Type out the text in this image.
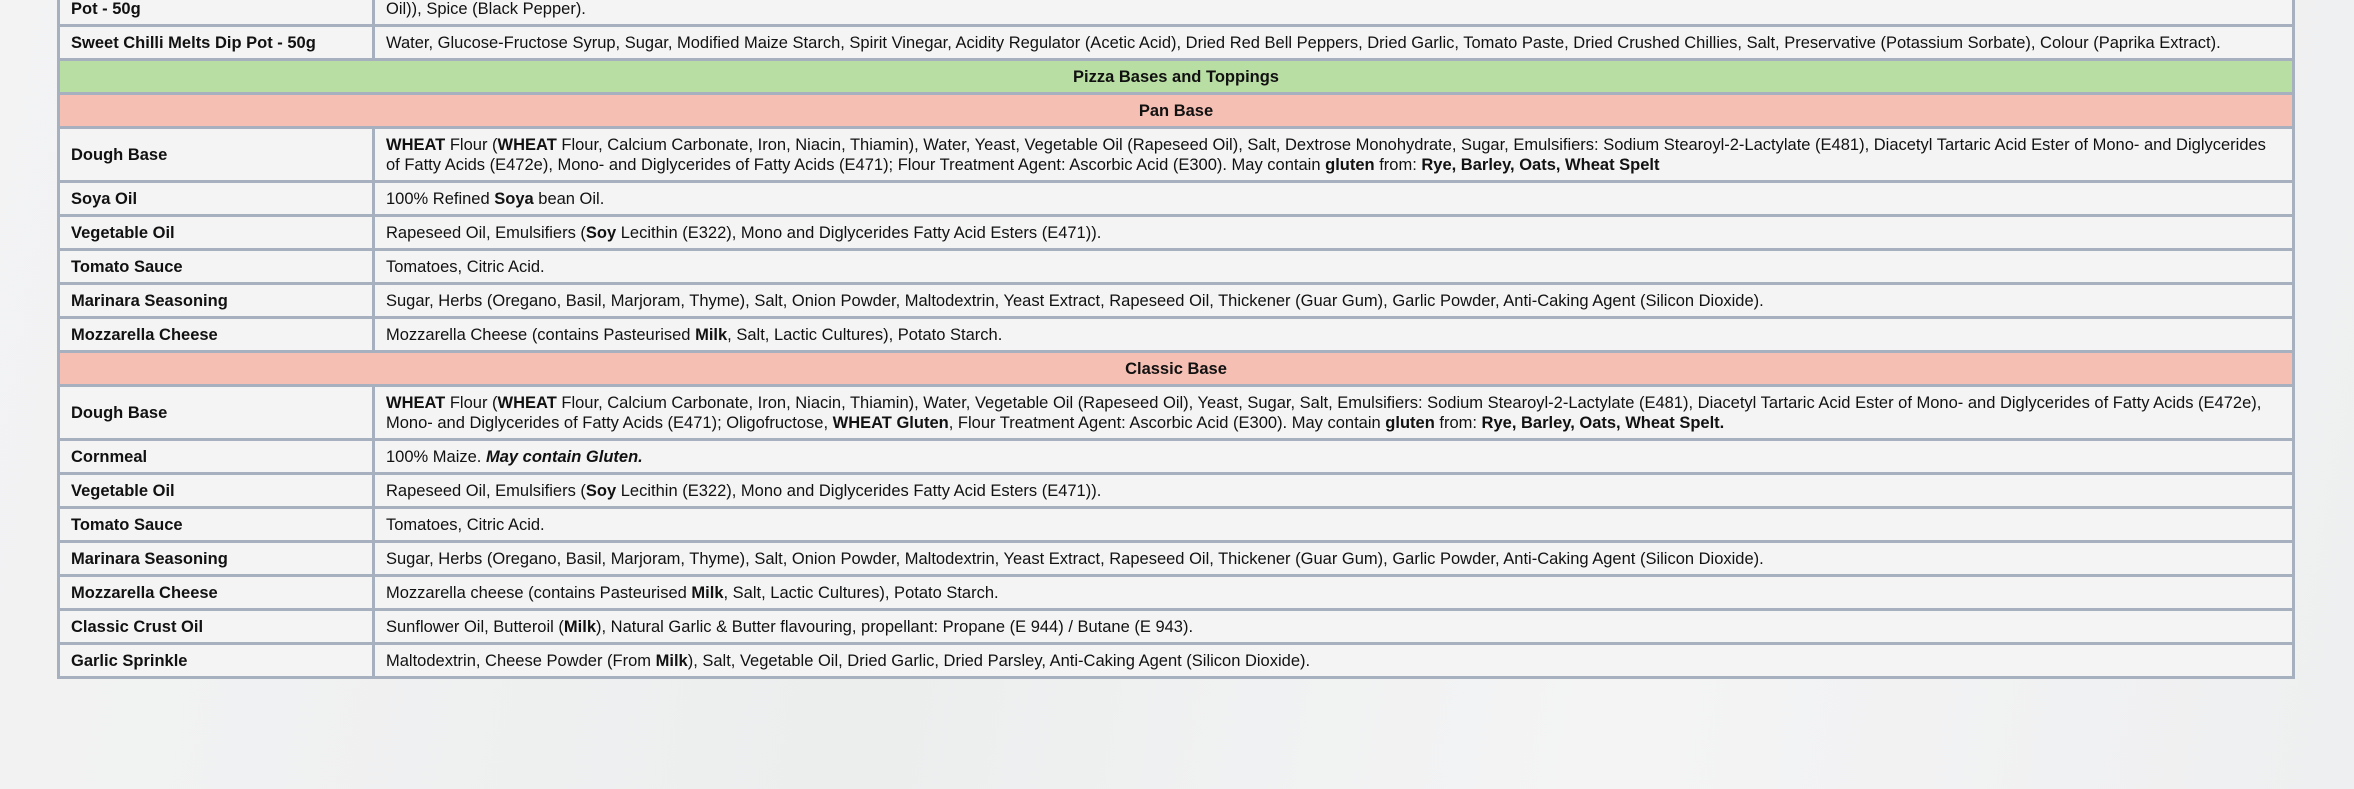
Pot - 50g	Oil)), Spice (Black Pepper).
Sweet Chilli Melts Dip Pot - 50g	Water, Glucose-Fructose Syrup, Sugar, Modified Maize Starch, Spirit Vinegar, Acidity Regulator (Acetic Acid), Dried Red Bell Peppers, Dried Garlic, Tomato Paste, Dried Crushed Chillies, Salt, Preservative (Potassium Sorbate), Colour (Paprika Extract).
Pizza Bases and Toppings	
Pan Base	
Dough Base	WHEAT Flour (WHEAT Flour, Calcium Carbonate, Iron, Niacin, Thiamin), Water, Yeast, Vegetable Oil (Rapeseed Oil), Salt, Dextrose Monohydrate, Sugar, Emulsifiers: Sodium Stearoyl-2-Lactylate (E481), Diacetyl Tartaric Acid Ester of Mono- and Diglycerides of Fatty Acids (E472e), Mono- and Diglycerides of Fatty Acids (E471); Flour Treatment Agent: Ascorbic Acid (E300). May contain gluten from: Rye, Barley, Oats, Wheat Spelt
Soya Oil	100% Refined Soya bean Oil.
Vegetable Oil	Rapeseed Oil, Emulsifiers (Soy Lecithin (E322), Mono and Diglycerides Fatty Acid Esters (E471)).
Tomato Sauce	Tomatoes, Citric Acid.
Marinara Seasoning	Sugar, Herbs (Oregano, Basil, Marjoram, Thyme), Salt, Onion Powder, Maltodextrin, Yeast Extract, Rapeseed Oil, Thickener (Guar Gum), Garlic Powder, Anti-Caking Agent (Silicon Dioxide).
Mozzarella Cheese	Mozzarella Cheese (contains Pasteurised Milk, Salt, Lactic Cultures), Potato Starch.
Classic Base	
Dough Base	WHEAT Flour (WHEAT Flour, Calcium Carbonate, Iron, Niacin, Thiamin), Water, Vegetable Oil (Rapeseed Oil), Yeast, Sugar, Salt, Emulsifiers: Sodium Stearoyl-2-Lactylate (E481), Diacetyl Tartaric Acid Ester of Mono- and Diglycerides of Fatty Acids (E472e), Mono- and Diglycerides of Fatty Acids (E471); Oligofructose, WHEAT Gluten, Flour Treatment Agent: Ascorbic Acid (E300). May contain gluten from: Rye, Barley, Oats, Wheat Spelt.
Cornmeal	100% Maize. May contain Gluten.
Vegetable Oil	Rapeseed Oil, Emulsifiers (Soy Lecithin (E322), Mono and Diglycerides Fatty Acid Esters (E471)).
Tomato Sauce	Tomatoes, Citric Acid.
Marinara Seasoning	Sugar, Herbs (Oregano, Basil, Marjoram, Thyme), Salt, Onion Powder, Maltodextrin, Yeast Extract, Rapeseed Oil, Thickener (Guar Gum), Garlic Powder, Anti-Caking Agent (Silicon Dioxide).
Mozzarella Cheese	Mozzarella cheese (contains Pasteurised Milk, Salt, Lactic Cultures), Potato Starch.
Classic Crust Oil	Sunflower Oil, Butteroil (Milk), Natural Garlic & Butter flavouring, propellant: Propane (E 944) / Butane (E 943).
Garlic Sprinkle	Maltodextrin, Cheese Powder (From Milk), Salt, Vegetable Oil, Dried Garlic, Dried Parsley, Anti-Caking Agent (Silicon Dioxide).
